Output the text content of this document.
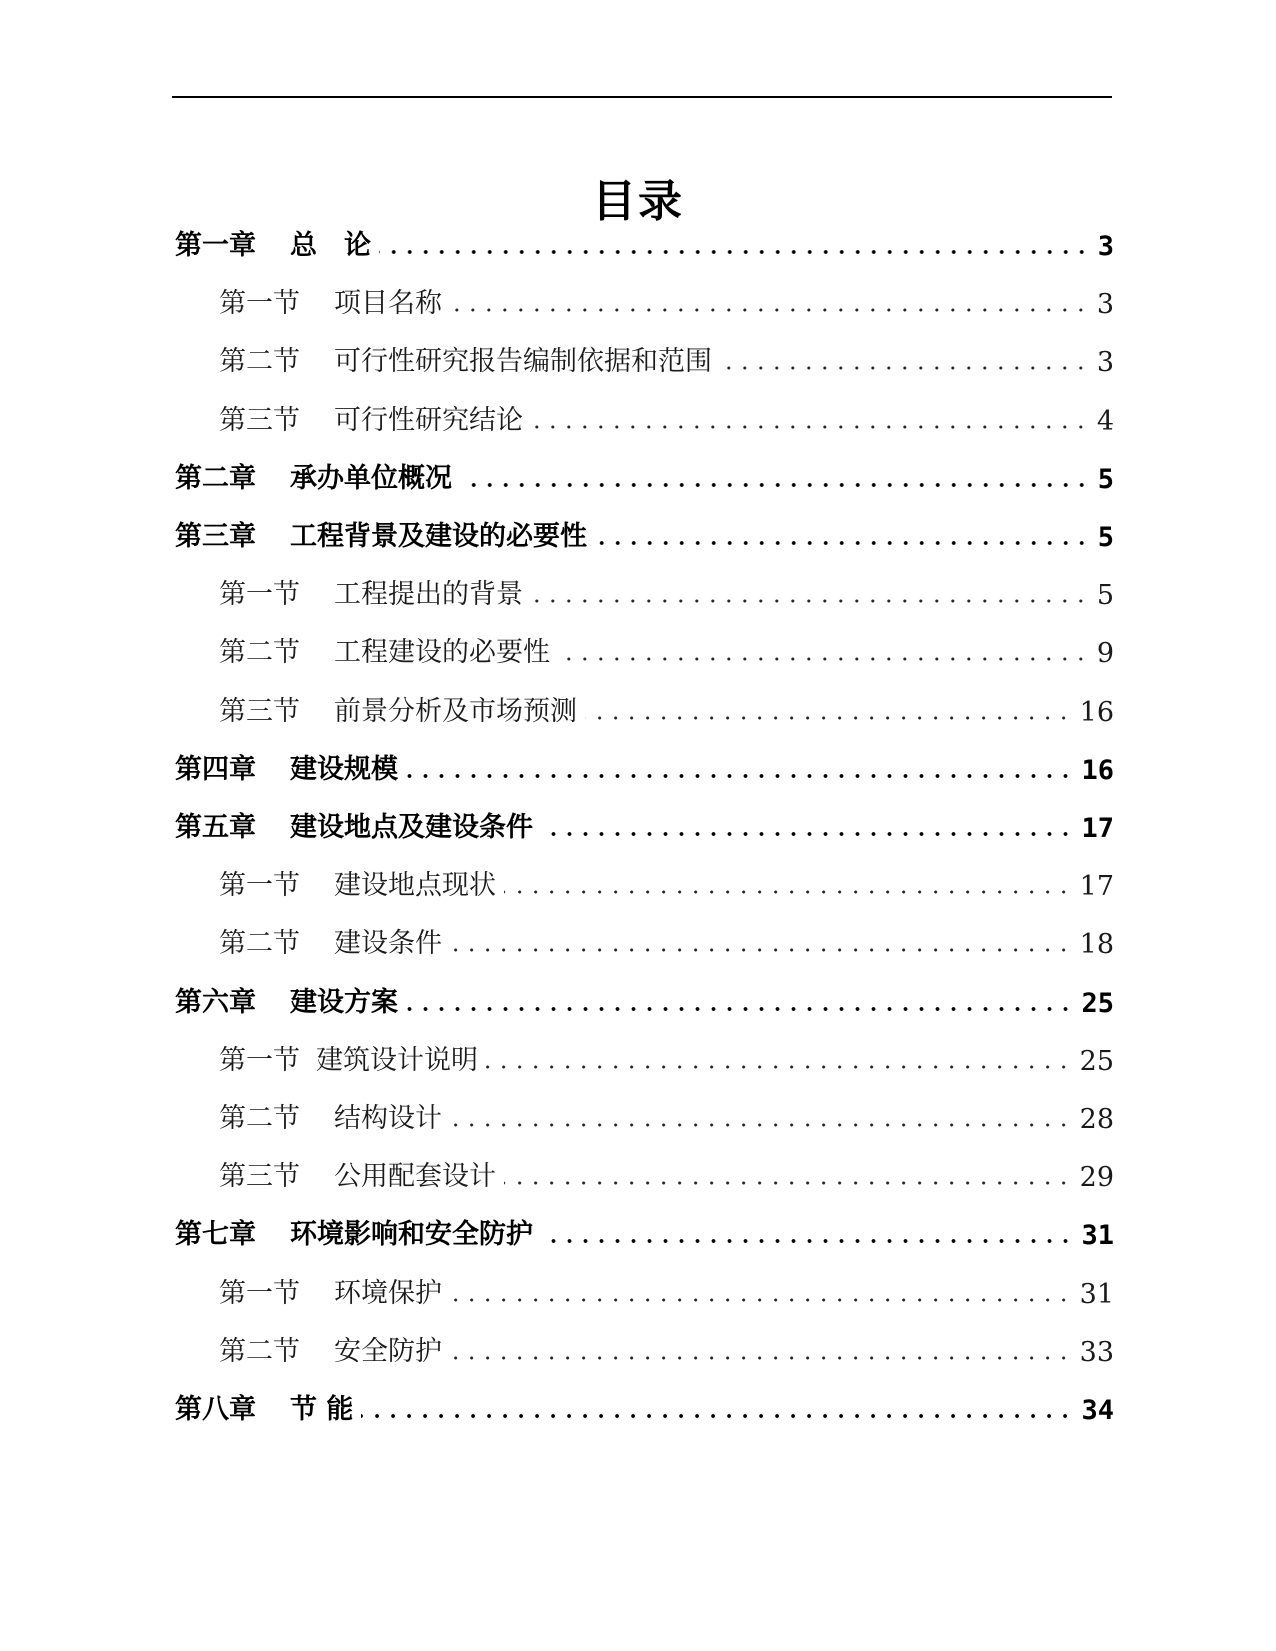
目录
第一章 总　论	3
第一节 项目名称	3
第二节 可行性研究报告编制依据和范围	3
第三节 可行性研究结论	4
第二章 承办单位概况	5
第三章 工程背景及建设的必要性	5
第一节 工程提出的背景	5
第二节 工程建设的必要性	9
第三节 前景分析及市场预测	16
第四章 建设规模	16
第五章 建设地点及建设条件	17
第一节 建设地点现状	17
第二节 建设条件	18
第六章 建设方案	25
第一节 建筑设计说明	25
第二节 结构设计	28
第三节 公用配套设计	29
第七章 环境影响和安全防护	31
第一节 环境保护	31
第二节 安全防护	33
第八章 节 能	34
